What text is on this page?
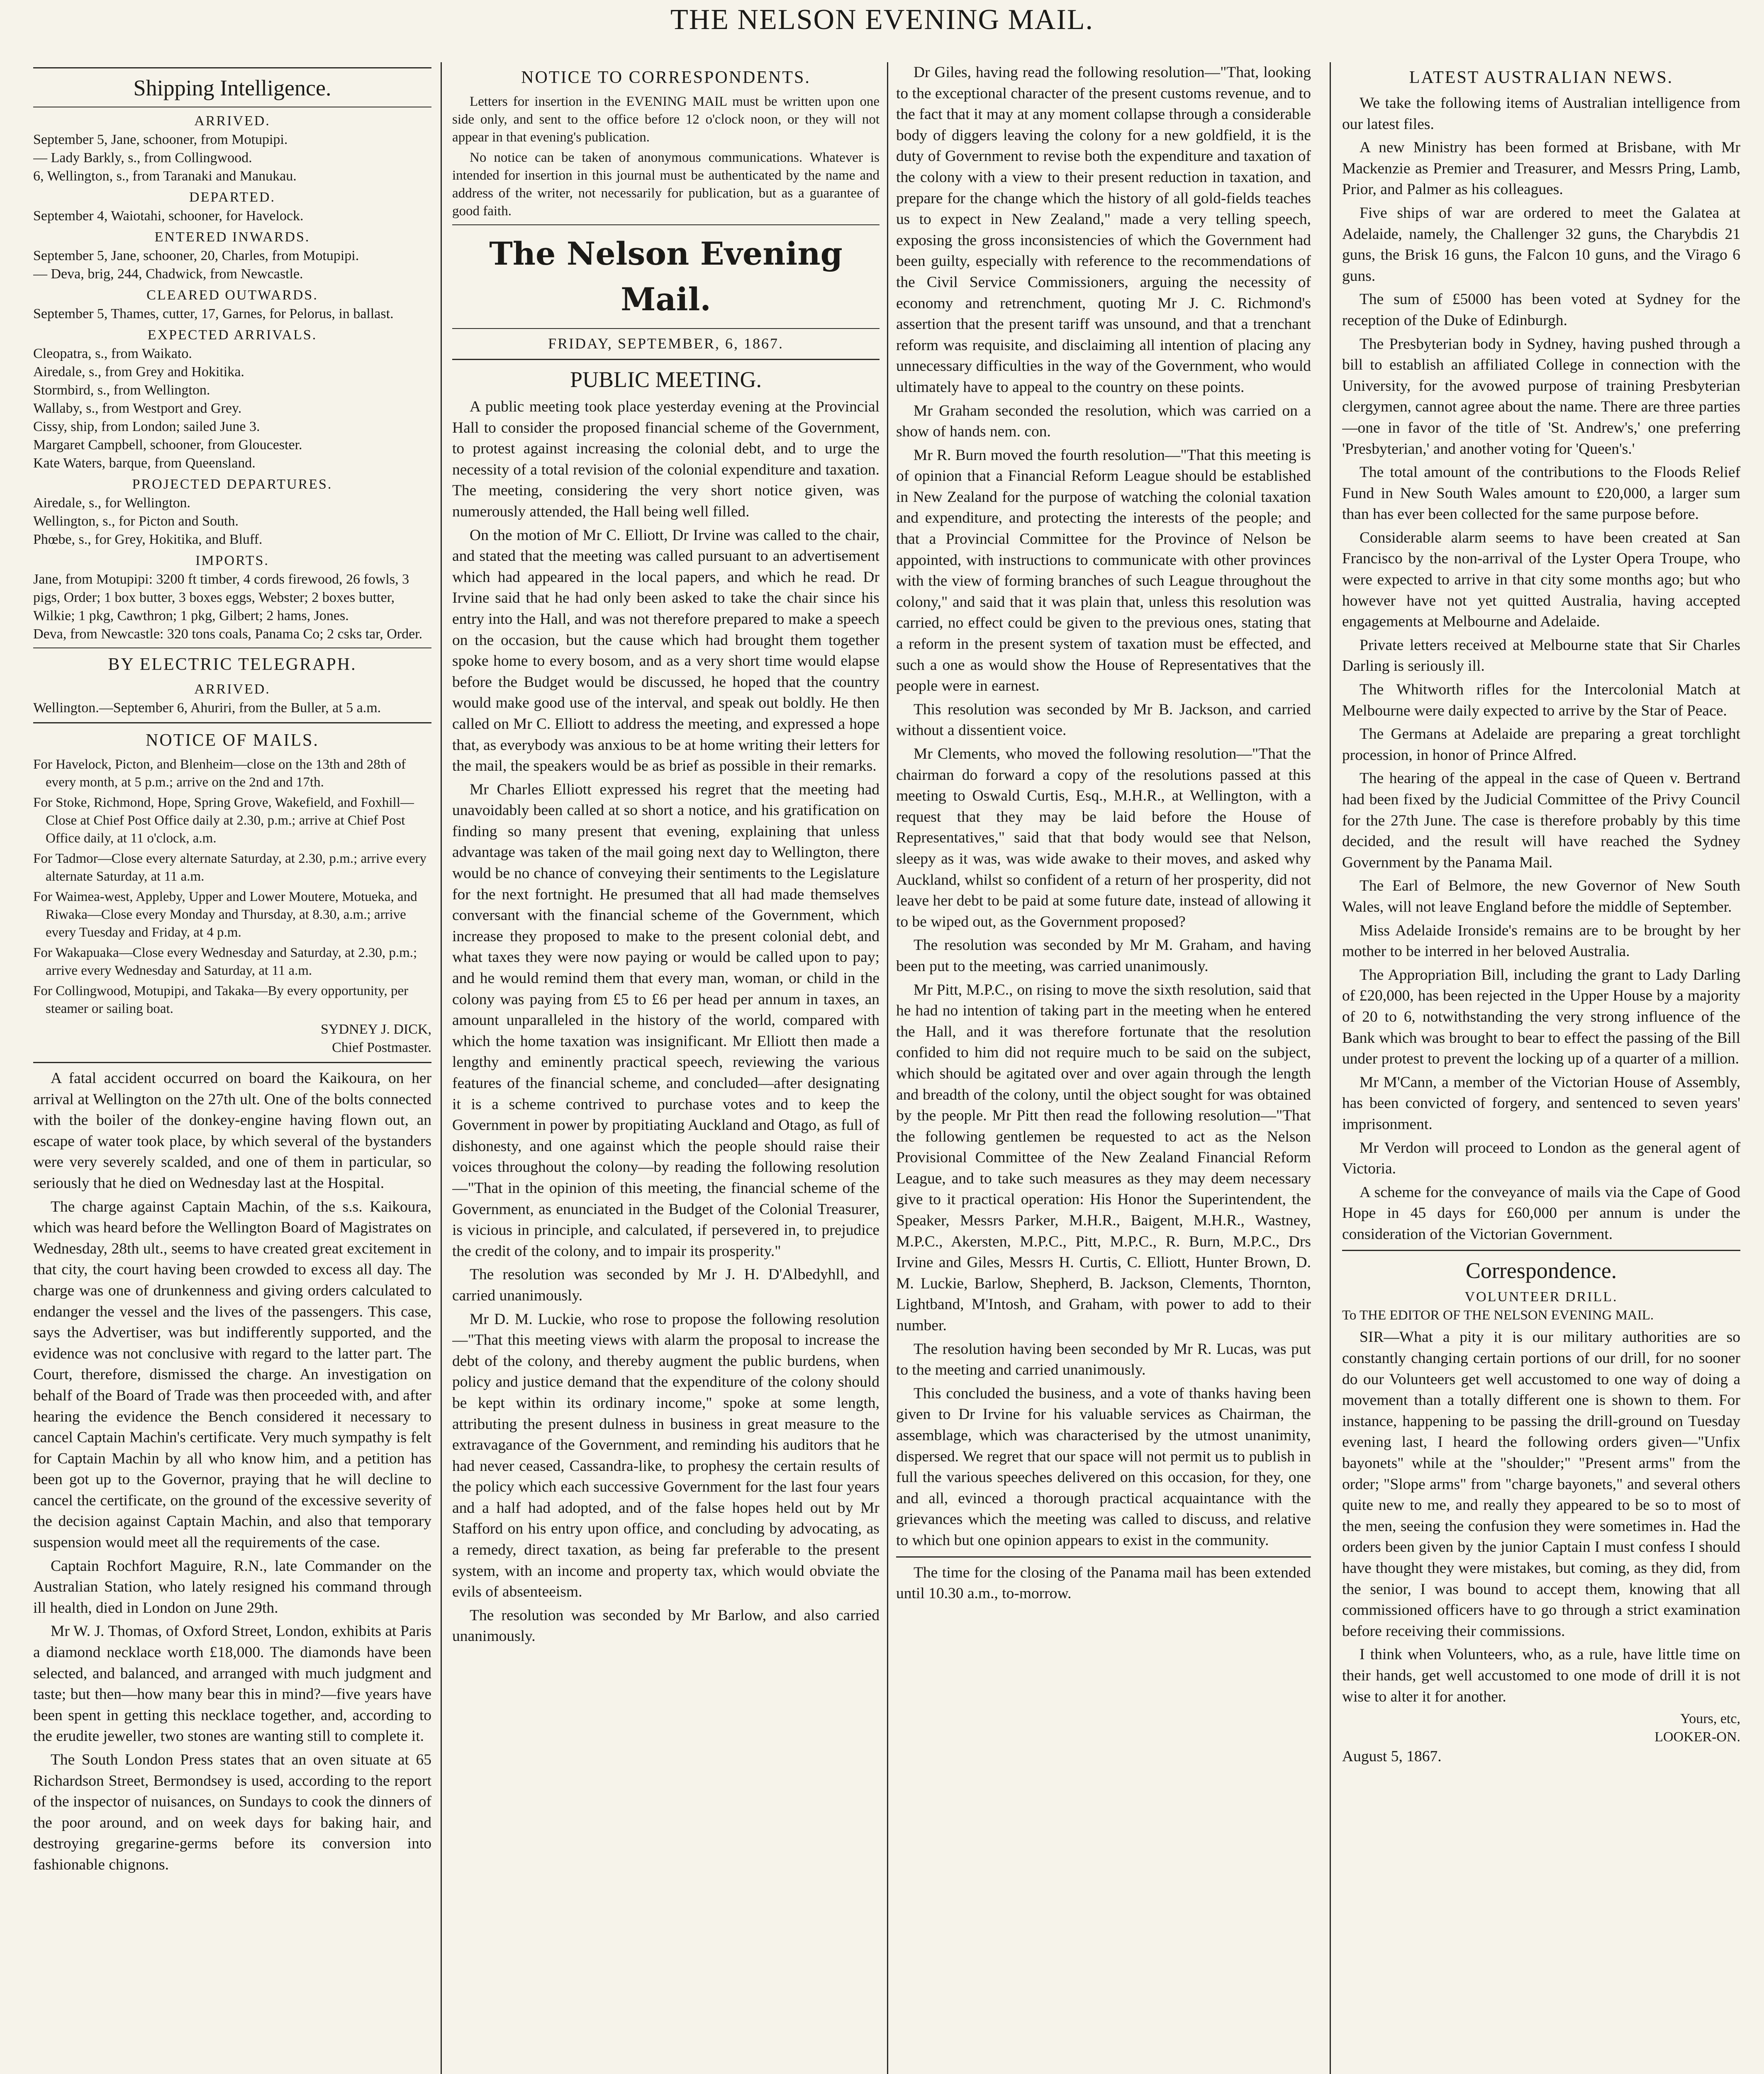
THE NELSON EVENING MAIL.
Shipping Intelligence.
ARRIVED.
September 5, Jane, schooner, from Motupipi.
— Lady Barkly, s., from Collingwood.
6, Wellington, s., from Taranaki and Manukau.
DEPARTED.
September 4, Waiotahi, schooner, for Havelock.
ENTERED INWARDS.
September 5, Jane, schooner, 20, Charles, from Motupipi.
— Deva, brig, 244, Chadwick, from Newcastle.
CLEARED OUTWARDS.
September 5, Thames, cutter, 17, Garnes, for Pelorus, in ballast.
EXPECTED ARRIVALS.
Cleopatra, s., from Waikato.
Airedale, s., from Grey and Hokitika.
Stormbird, s., from Wellington.
Wallaby, s., from Westport and Grey.
Cissy, ship, from London; sailed June 3.
Margaret Campbell, schooner, from Gloucester.
Kate Waters, barque, from Queensland.
PROJECTED DEPARTURES.
Airedale, s., for Wellington.
Wellington, s., for Picton and South.
Phœbe, s., for Grey, Hokitika, and Bluff.
IMPORTS.
Jane, from Motupipi: 3200 ft timber, 4 cords firewood, 26 fowls, 3 pigs, Order; 1 box butter, 3 boxes eggs, Webster; 2 boxes butter, Wilkie; 1 pkg, Cawthron; 1 pkg, Gilbert; 2 hams, Jones.
Deva, from Newcastle: 320 tons coals, Panama Co; 2 csks tar, Order.
BY ELECTRIC TELEGRAPH.
ARRIVED.
Wellington.—September 6, Ahuriri, from the Buller, at 5 a.m.
NOTICE OF MAILS.

For Havelock, Picton, and Blenheim—close on the 13th and 28th of every month, at 5 p.m.; arrive on the 2nd and 17th.

For Stoke, Richmond, Hope, Spring Grove, Wakefield, and Foxhill—Close at Chief Post Office daily at 2.30, p.m.; arrive at Chief Post Office daily, at 11 o'clock, a.m.

For Tadmor—Close every alternate Saturday, at 2.30, p.m.; arrive every alternate Saturday, at 11 a.m.

For Waimea-west, Appleby, Upper and Lower Moutere, Motueka, and Riwaka—Close every Monday and Thursday, at 8.30, a.m.; arrive every Tuesday and Friday, at 4 p.m.

For Wakapuaka—Close every Wednesday and Saturday, at 2.30, p.m.; arrive every Wednesday and Saturday, at 11 a.m.

For Collingwood, Motupipi, and Takaka—By every opportunity, per steamer or sailing boat.

SYDNEY J. DICK,

Chief Postmaster.

A fatal accident occurred on board the Kaikoura, on her arrival at Wellington on the 27th ult. One of the bolts connected with the boiler of the donkey-engine having flown out, an escape of water took place, by which several of the bystanders were very severely scalded, and one of them in particular, so seriously that he died on Wednesday last at the Hospital.

The charge against Captain Machin, of the s.s. Kaikoura, which was heard before the Wellington Board of Magistrates on Wednesday, 28th ult., seems to have created great excitement in that city, the court having been crowded to excess all day. The charge was one of drunkenness and giving orders calculated to endanger the vessel and the lives of the passengers. This case, says the Advertiser, was but indifferently supported, and the evidence was not conclusive with regard to the latter part. The Court, therefore, dismissed the charge. An investigation on behalf of the Board of Trade was then proceeded with, and after hearing the evidence the Bench considered it necessary to cancel Captain Machin's certificate. Very much sympathy is felt for Captain Machin by all who know him, and a petition has been got up to the Governor, praying that he will decline to cancel the certificate, on the ground of the excessive severity of the decision against Captain Machin, and also that temporary suspension would meet all the requirements of the case.

Captain Rochfort Maguire, R.N., late Commander on the Australian Station, who lately resigned his command through ill health, died in London on June 29th.

Mr W. J. Thomas, of Oxford Street, London, exhibits at Paris a diamond necklace worth £18,000. The diamonds have been selected, and balanced, and arranged with much judgment and taste; but then—how many bear this in mind?—five years have been spent in getting this necklace together, and, according to the erudite jeweller, two stones are wanting still to complete it.

The South London Press states that an oven situate at 65 Richardson Street, Bermondsey is used, according to the report of the inspector of nuisances, on Sundays to cook the dinners of the poor around, and on week days for baking hair, and destroying gregarine-germs before its conversion into fashionable chignons.

NOTICE TO CORRESPONDENTS.

Letters for insertion in the EVENING MAIL must be written upon one side only, and sent to the office before 12 o'clock noon, or they will not appear in that evening's publication.

No notice can be taken of anonymous communications. Whatever is intended for insertion in this journal must be authenticated by the name and address of the writer, not necessarily for publication, but as a guarantee of good faith.

The Nelson Evening Mail.
FRIDAY, SEPTEMBER, 6, 1867.
PUBLIC MEETING.

A public meeting took place yesterday evening at the Provincial Hall to consider the proposed financial scheme of the Government, to protest against increasing the colonial debt, and to urge the necessity of a total revision of the colonial expenditure and taxation. The meeting, considering the very short notice given, was numerously attended, the Hall being well filled.

On the motion of Mr C. Elliott, Dr Irvine was called to the chair, and stated that the meeting was called pursuant to an advertisement which had appeared in the local papers, and which he read. Dr Irvine said that he had only been asked to take the chair since his entry into the Hall, and was not therefore prepared to make a speech on the occasion, but the cause which had brought them together spoke home to every bosom, and as a very short time would elapse before the Budget would be discussed, he hoped that the country would make good use of the interval, and speak out boldly. He then called on Mr C. Elliott to address the meeting, and expressed a hope that, as everybody was anxious to be at home writing their letters for the mail, the speakers would be as brief as possible in their remarks.

Mr Charles Elliott expressed his regret that the meeting had unavoidably been called at so short a notice, and his gratification on finding so many present that evening, explaining that unless advantage was taken of the mail going next day to Wellington, there would be no chance of conveying their sentiments to the Legislature for the next fortnight. He presumed that all had made themselves conversant with the financial scheme of the Government, which increase they proposed to make to the present colonial debt, and what taxes they were now paying or would be called upon to pay; and he would remind them that every man, woman, or child in the colony was paying from £5 to £6 per head per annum in taxes, an amount unparalleled in the history of the world, compared with which the home taxation was insignificant. Mr Elliott then made a lengthy and eminently practical speech, reviewing the various features of the financial scheme, and concluded—after designating it is a scheme contrived to purchase votes and to keep the Government in power by propitiating Auckland and Otago, as full of dishonesty, and one against which the people should raise their voices throughout the colony—by reading the following resolution—"That in the opinion of this meeting, the financial scheme of the Government, as enunciated in the Budget of the Colonial Treasurer, is vicious in principle, and calculated, if persevered in, to prejudice the credit of the colony, and to impair its prosperity."

The resolution was seconded by Mr J. H. D'Albedyhll, and carried unanimously.

Mr D. M. Luckie, who rose to propose the following resolution—"That this meeting views with alarm the proposal to increase the debt of the colony, and thereby augment the public burdens, when policy and justice demand that the expenditure of the colony should be kept within its ordinary income," spoke at some length, attributing the present dulness in business in great measure to the extravagance of the Government, and reminding his auditors that he had never ceased, Cassandra-like, to prophesy the certain results of the policy which each successive Government for the last four years and a half had adopted, and of the false hopes held out by Mr Stafford on his entry upon office, and concluding by advocating, as a remedy, direct taxation, as being far preferable to the present system, with an income and property tax, which would obviate the evils of absenteeism.

The resolution was seconded by Mr Barlow, and also carried unanimously.

Dr Giles, having read the following resolution—"That, looking to the exceptional character of the present customs revenue, and to the fact that it may at any moment collapse through a considerable body of diggers leaving the colony for a new goldfield, it is the duty of Government to revise both the expenditure and taxation of the colony with a view to their present reduction in taxation, and prepare for the change which the history of all gold-fields teaches us to expect in New Zealand," made a very telling speech, exposing the gross inconsistencies of which the Government had been guilty, especially with reference to the recommendations of the Civil Service Commissioners, arguing the necessity of economy and retrenchment, quoting Mr J. C. Richmond's assertion that the present tariff was unsound, and that a trenchant reform was requisite, and disclaiming all intention of placing any unnecessary difficulties in the way of the Government, who would ultimately have to appeal to the country on these points.

Mr Graham seconded the resolution, which was carried on a show of hands nem. con.

Mr R. Burn moved the fourth resolution—"That this meeting is of opinion that a Financial Reform League should be established in New Zealand for the purpose of watching the colonial taxation and expenditure, and protecting the interests of the people; and that a Provincial Committee for the Province of Nelson be appointed, with instructions to communicate with other provinces with the view of forming branches of such League throughout the colony," and said that it was plain that, unless this resolution was carried, no effect could be given to the previous ones, stating that a reform in the present system of taxation must be effected, and such a one as would show the House of Representatives that the people were in earnest.

This resolution was seconded by Mr B. Jackson, and carried without a dissentient voice.

Mr Clements, who moved the following resolution—"That the chairman do forward a copy of the resolutions passed at this meeting to Oswald Curtis, Esq., M.H.R., at Wellington, with a request that they may be laid before the House of Representatives," said that that body would see that Nelson, sleepy as it was, was wide awake to their moves, and asked why Auckland, whilst so confident of a return of her prosperity, did not leave her debt to be paid at some future date, instead of allowing it to be wiped out, as the Government proposed?

The resolution was seconded by Mr M. Graham, and having been put to the meeting, was carried unanimously.

Mr Pitt, M.P.C., on rising to move the sixth resolution, said that he had no intention of taking part in the meeting when he entered the Hall, and it was therefore fortunate that the resolution confided to him did not require much to be said on the subject, which should be agitated over and over again through the length and breadth of the colony, until the object sought for was obtained by the people. Mr Pitt then read the following resolution—"That the following gentlemen be requested to act as the Nelson Provisional Committee of the New Zealand Financial Reform League, and to take such measures as they may deem necessary give to it practical operation: His Honor the Superintendent, the Speaker, Messrs Parker, M.H.R., Baigent, M.H.R., Wastney, M.P.C., Akersten, M.P.C., Pitt, M.P.C., R. Burn, M.P.C., Drs Irvine and Giles, Messrs H. Curtis, C. Elliott, Hunter Brown, D. M. Luckie, Barlow, Shepherd, B. Jackson, Clements, Thornton, Lightband, M'Intosh, and Graham, with power to add to their number.

The resolution having been seconded by Mr R. Lucas, was put to the meeting and carried unanimously.

This concluded the business, and a vote of thanks having been given to Dr Irvine for his valuable services as Chairman, the assemblage, which was characterised by the utmost unanimity, dispersed. We regret that our space will not permit us to publish in full the various speeches delivered on this occasion, for they, one and all, evinced a thorough practical acquaintance with the grievances which the meeting was called to discuss, and relative to which but one opinion appears to exist in the community.

The time for the closing of the Panama mail has been extended until 10.30 a.m., to-morrow.

LATEST AUSTRALIAN NEWS.

We take the following items of Australian intelligence from our latest files.

A new Ministry has been formed at Brisbane, with Mr Mackenzie as Premier and Treasurer, and Messrs Pring, Lamb, Prior, and Palmer as his colleagues.

Five ships of war are ordered to meet the Galatea at Adelaide, namely, the Challenger 32 guns, the Charybdis 21 guns, the Brisk 16 guns, the Falcon 10 guns, and the Virago 6 guns.

The sum of £5000 has been voted at Sydney for the reception of the Duke of Edinburgh.

The Presbyterian body in Sydney, having pushed through a bill to establish an affiliated College in connection with the University, for the avowed purpose of training Presbyterian clergymen, cannot agree about the name. There are three parties—one in favor of the title of 'St. Andrew's,' one preferring 'Presbyterian,' and another voting for 'Queen's.'

The total amount of the contributions to the Floods Relief Fund in New South Wales amount to £20,000, a larger sum than has ever been collected for the same purpose before.

Considerable alarm seems to have been created at San Francisco by the non-arrival of the Lyster Opera Troupe, who were expected to arrive in that city some months ago; but who however have not yet quitted Australia, having accepted engagements at Melbourne and Adelaide.

Private letters received at Melbourne state that Sir Charles Darling is seriously ill.

The Whitworth rifles for the Intercolonial Match at Melbourne were daily expected to arrive by the Star of Peace.

The Germans at Adelaide are preparing a great torchlight procession, in honor of Prince Alfred.

The hearing of the appeal in the case of Queen v. Bertrand had been fixed by the Judicial Committee of the Privy Council for the 27th June. The case is therefore probably by this time decided, and the result will have reached the Sydney Government by the Panama Mail.

The Earl of Belmore, the new Governor of New South Wales, will not leave England before the middle of September.

Miss Adelaide Ironside's remains are to be brought by her mother to be interred in her beloved Australia.

The Appropriation Bill, including the grant to Lady Darling of £20,000, has been rejected in the Upper House by a majority of 20 to 6, notwithstanding the very strong influence of the Bank which was brought to bear to effect the passing of the Bill under protest to prevent the locking up of a quarter of a million.

Mr M'Cann, a member of the Victorian House of Assembly, has been convicted of forgery, and sentenced to seven years' imprisonment.

Mr Verdon will proceed to London as the general agent of Victoria.

A scheme for the conveyance of mails via the Cape of Good Hope in 45 days for £60,000 per annum is under the consideration of the Victorian Government.

Correspondence.
VOLUNTEER DRILL.

To THE EDITOR OF THE NELSON EVENING MAIL.

SIR—What a pity it is our military authorities are so constantly changing certain portions of our drill, for no sooner do our Volunteers get well accustomed to one way of doing a movement than a totally different one is shown to them. For instance, happening to be passing the drill-ground on Tuesday evening last, I heard the following orders given—"Unfix bayonets" while at the "shoulder;" "Present arms" from the order; "Slope arms" from "charge bayonets," and several others quite new to me, and really they appeared to be so to most of the men, seeing the confusion they were sometimes in. Had the orders been given by the junior Captain I must confess I should have thought they were mistakes, but coming, as they did, from the senior, I was bound to accept them, knowing that all commissioned officers have to go through a strict examination before receiving their commissions.

I think when Volunteers, who, as a rule, have little time on their hands, get well accustomed to one mode of drill it is not wise to alter it for another.

Yours, etc,

LOOKER-ON.

August 5, 1867.
